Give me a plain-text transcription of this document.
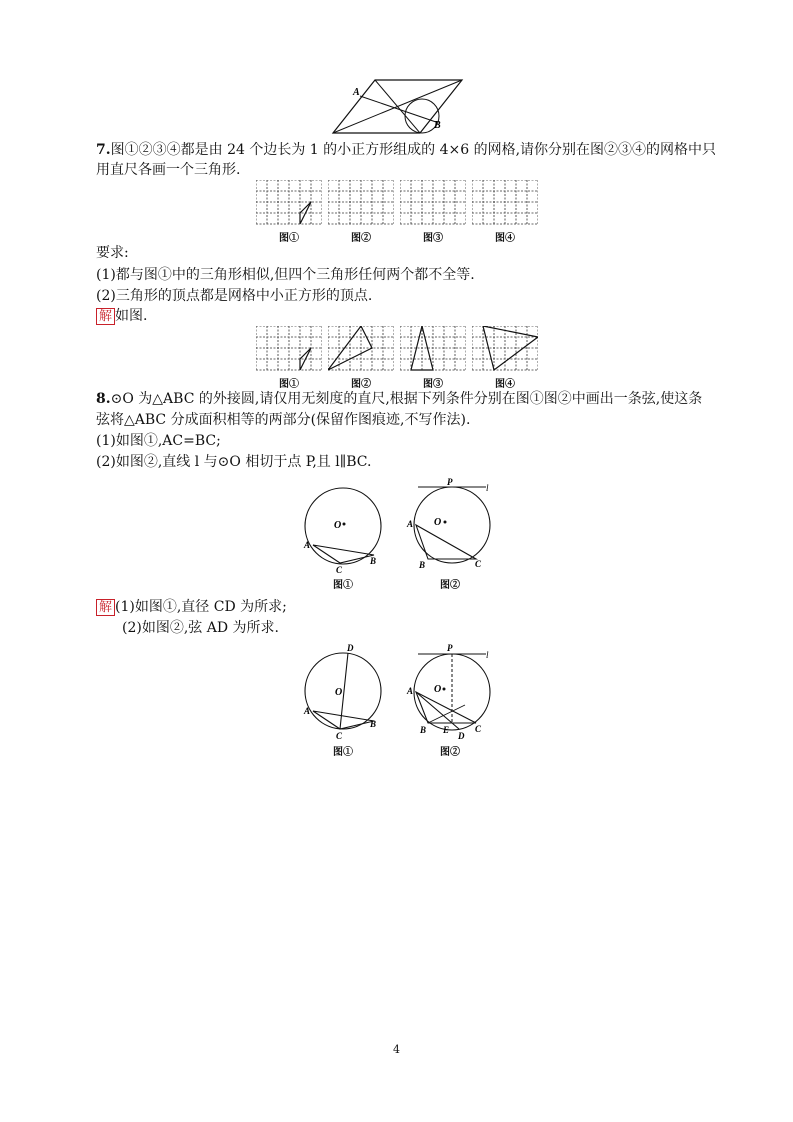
A
B
7.图①②③④都是由 24 个边长为 1 的小正方形组成的 4×6 的网格,请你分别在图②③④的网格中只
用直尺各画一个三角形.
图①	图②	图③	图④
要求:
(1)都与图①中的三角形相似,但四个三角形任何两个都不全等.
(2)三角形的顶点都是网格中小正方形的顶点.
解 如图.
图①	图②	图③	图④
8.⊙O 为△ABC 的外接圆,请仅用无刻度的直尺,根据下列条件分别在图①图②中画出一条弦,使这条
弦将△ABC 分成面积相等的两部分(保留作图痕迹,不写作法).
(1)如图①,AC=BC;
(2)如图②,直线 l 与⊙O 相切于点 P,且 l∥BC.
O
A
B
C
图①
P
l
O
A
B	C
图②
解 (1)如图①,直径 CD 为所求;
(2)如图②,弦 AD 为所求.
D
O
A
B
C
图①
P
l
O
A
B E
D
C
图②
4
